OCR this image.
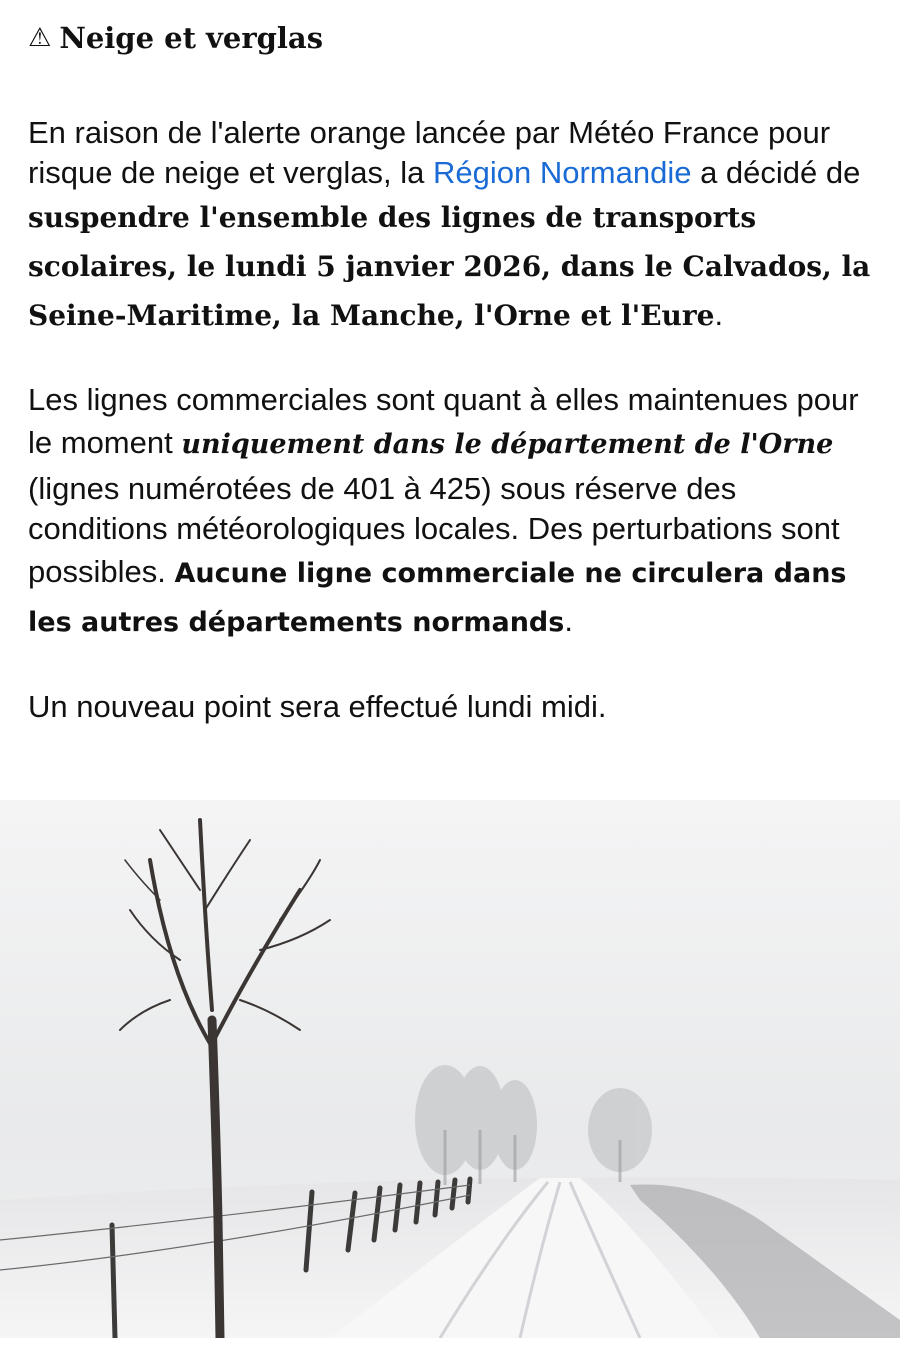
⚠ Neige et verglas

En raison de l'alerte orange lancée par Météo France pour risque de neige et verglas, la Région Normandie a décidé de suspendre l'ensemble des lignes de transports scolaires, le lundi 5 janvier 2026, dans le Calvados, la Seine-Maritime, la Manche, l'Orne et l'Eure.

Les lignes commerciales sont quant à elles maintenues pour le moment uniquement dans le département de l'Orne (lignes numérotées de 401 à 425) sous réserve des conditions météorologiques locales. Des perturbations sont possibles. Aucune ligne commerciale ne circulera dans les autres départements normands.

Un nouveau point sera effectué lundi midi.
